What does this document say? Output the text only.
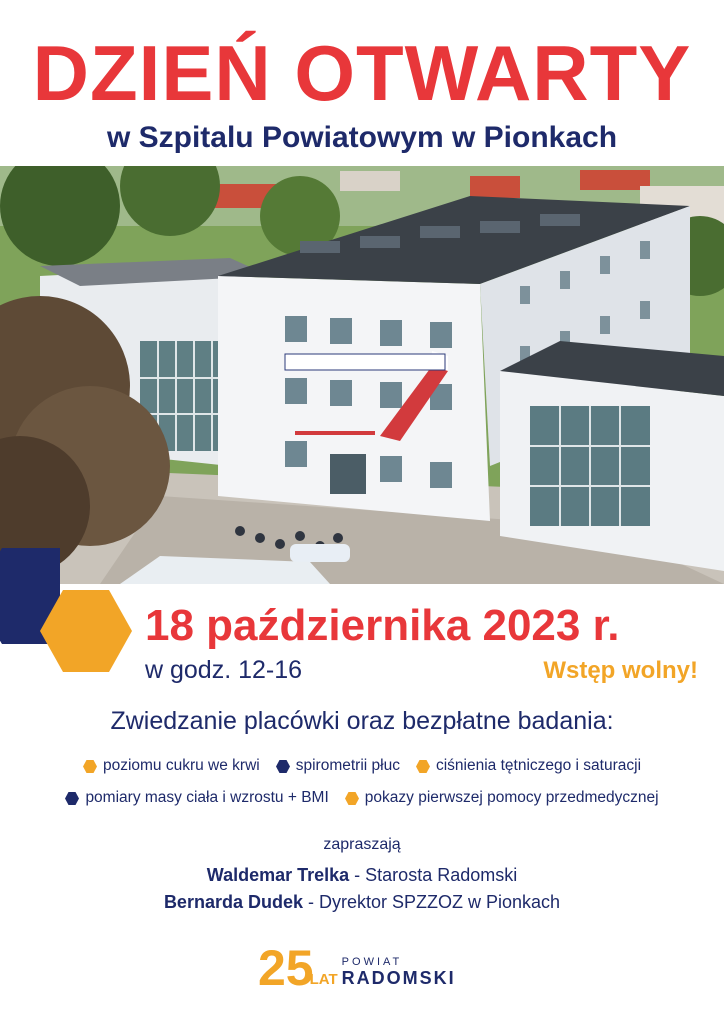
DZIEŃ OTWARTY
w Szpitalu Powiatowym w Pionkach
18 października 2023 r.
w godz. 12-16	Wstęp wolny!
Zwiedzanie placówki oraz bezpłatne badania:
poziomu cukru we krwi spirometrii płuc ciśnienia tętniczego i saturacji
pomiary masy ciała i wzrostu + BMI pokazy pierwszej pomocy przedmedycznej
zapraszają
Waldemar Trelka - Starosta Radomski
Bernarda Dudek - Dyrektor SPZZOZ w Pionkach
25
LAT
POWIAT
RADOMSKI
